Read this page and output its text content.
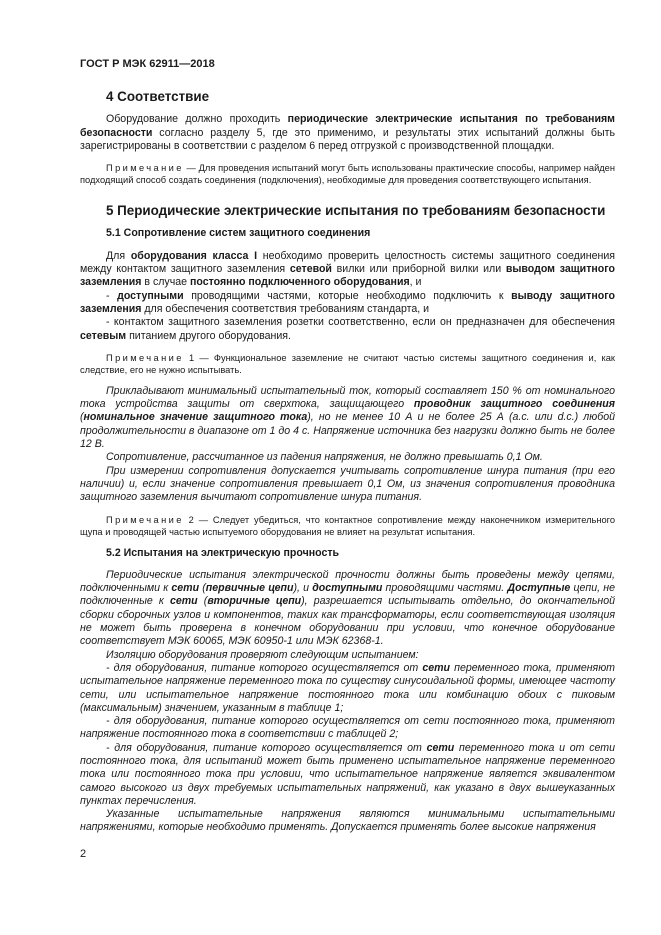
ГОСТ Р МЭК 62911—2018
4 Соответствие

Оборудование должно проходить периодические электрические испытания по требованиям безопасности согласно разделу 5, где это применимо, и результаты этих испытаний должны быть зарегистрированы в соответствии с разделом 6 перед отгрузкой с производственной площадки.

Примечание — Для проведения испытаний могут быть использованы практические способы, например найден подходящий способ создать соединения (подключения), необходимые для проведения соответствующего испытания.
5 Периодические электрические испытания по требованиям безопасности
5.1 Сопротивление систем защитного соединения

Для оборудования класса I необходимо проверить целостность системы защитного соединения между контактом защитного заземления сетевой вилки или приборной вилки или выводом защитного заземления в случае постоянно подключенного оборудования, и

- доступными проводящими частями, которые необходимо подключить к выводу защитного заземления для обеспечения соответствия требованиям стандарта, и

- контактом защитного заземления розетки соответственно, если он предназначен для обеспечения сетевым питанием другого оборудования.

Примечание 1 — Функциональное заземление не считают частью системы защитного соединения и, как следствие, его не нужно испытывать.

Прикладывают минимальный испытательный ток, который составляет 150 % от номинального тока устройства защиты от сверхтока, защищающего проводник защитного соединения (номинальное значение защитного тока), но не менее 10 А и не более 25 А (а.с. или d.c.) любой продолжительности в диапазоне от 1 до 4 с. Напряжение источника без нагрузки должно быть не более 12 В.

Сопротивление, рассчитанное из падения напряжения, не должно превышать 0,1 Ом.

При измерении сопротивления допускается учитывать сопротивление шнура питания (при его наличии) и, если значение сопротивления превышает 0,1 Ом, из значения сопротивления проводника защитного заземления вычитают сопротивление шнура питания.

Примечание 2 — Следует убедиться, что контактное сопротивление между наконечником измерительного щупа и проводящей частью испытуемого оборудования не влияет на результат испытания.
5.2 Испытания на электрическую прочность

Периодические испытания электрической прочности должны быть проведены между цепями, подключенными к сети (первичные цепи), и доступными проводящими частями. Доступные цепи, не подключенные к сети (вторичные цепи), разрешается испытывать отдельно, до окончательной сборки сборочных узлов и компонентов, таких как трансформаторы, если соответствующая изоляция не может быть проверена в конечном оборудовании при условии, что конечное оборудование соответствует МЭК 60065, МЭК 60950-1 или МЭК 62368-1.

Изоляцию оборудования проверяют следующим испытанием:

- для оборудования, питание которого осуществляется от сети переменного тока, применяют испытательное напряжение переменного тока по существу синусоидальной формы, имеющее частоту сети, или испытательное напряжение постоянного тока или комбинацию обоих с пиковым (максимальным) значением, указанным в таблице 1;

- для оборудования, питание которого осуществляется от сети постоянного тока, применяют напряжение постоянного тока в соответствии с таблицей 2;

- для оборудования, питание которого осуществляется от сети переменного тока и от сети постоянного тока, для испытаний может быть применено испытательное напряжение переменного тока или постоянного тока при условии, что испытательное напряжение является эквивалентом самого высокого из двух требуемых испытательных напряжений, как указано в двух вышеуказанных пунктах перечисления.

Указанные испытательные напряжения являются минимальными испытательными напряжениями, которые необходимо применять. Допускается применять более высокие напряжения

2
